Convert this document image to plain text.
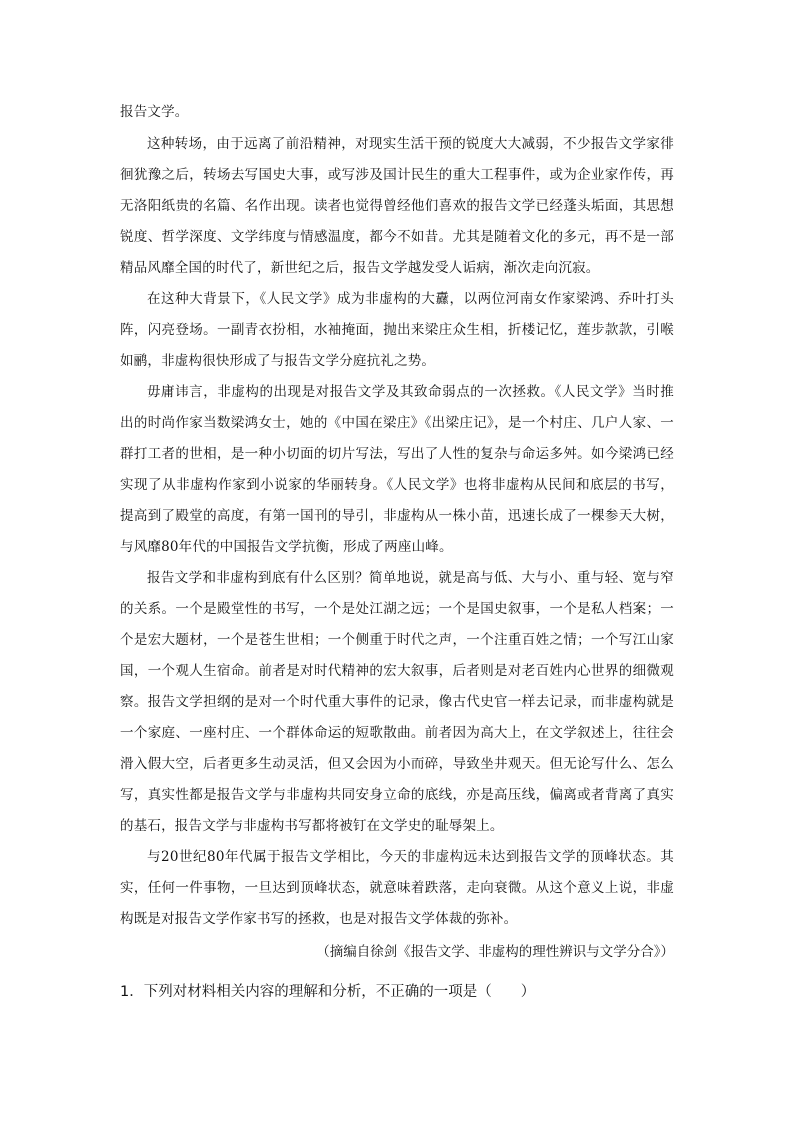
报告文学。

这种转场，由于远离了前沿精神，对现实生活干预的锐度大大减弱，不少报告文学家徘徊犹豫之后，转场去写国史大事，或写涉及国计民生的重大工程事件，或为企业家作传，再无洛阳纸贵的名篇、名作出现。读者也觉得曾经他们喜欢的报告文学已经蓬头垢面，其思想锐度、哲学深度、文学纬度与情感温度，都今不如昔。尤其是随着文化的多元，再不是一部精品风靡全国的时代了，新世纪之后，报告文学越发受人诟病，渐次走向沉寂。

在这种大背景下，《人民文学》成为非虚构的大纛，以两位河南女作家梁鸿、乔叶打头阵，闪亮登场。一副青衣扮相，水袖掩面，抛出来梁庄众生相，折楼记忆，莲步款款，引喉如鹂，非虚构很快形成了与报告文学分庭抗礼之势。

毋庸讳言，非虚构的出现是对报告文学及其致命弱点的一次拯救。《人民文学》当时推出的时尚作家当数梁鸿女士，她的《中国在梁庄》《出梁庄记》，是一个村庄、几户人家、一群打工者的世相，是一种小切面的切片写法，写出了人性的复杂与命运多舛。如今梁鸿已经实现了从非虚构作家到小说家的华丽转身。《人民文学》也将非虚构从民间和底层的书写，提高到了殿堂的高度，有第一国刊的导引，非虚构从一株小苗，迅速长成了一棵参天大树，与风靡80年代的中国报告文学抗衡，形成了两座山峰。

报告文学和非虚构到底有什么区别？简单地说，就是高与低、大与小、重与轻、宽与窄的关系。一个是殿堂性的书写，一个是处江湖之远；一个是国史叙事，一个是私人档案；一个是宏大题材，一个是苍生世相；一个侧重于时代之声，一个注重百姓之情；一个写江山家国，一个观人生宿命。前者是对时代精神的宏大叙事，后者则是对老百姓内心世界的细微观察。报告文学担纲的是对一个时代重大事件的记录，像古代史官一样去记录，而非虚构就是一个家庭、一座村庄、一个群体命运的短歌散曲。前者因为高大上，在文学叙述上，往往会滑入假大空，后者更多生动灵活，但又会因为小而碎，导致坐井观天。但无论写什么、怎么写，真实性都是报告文学与非虚构共同安身立命的底线，亦是高压线，偏离或者背离了真实的基石，报告文学与非虚构书写都将被钉在文学史的耻辱架上。

与20世纪80年代属于报告文学相比，今天的非虚构远未达到报告文学的顶峰状态。其实，任何一件事物，一旦达到顶峰状态，就意味着跌落，走向衰微。从这个意义上说，非虚构既是对报告文学作家书写的拯救，也是对报告文学体裁的弥补。

（摘编自徐剑《报告文学、非虚构的理性辨识与文学分合》）

1．下列对材料相关内容的理解和分析，不正确的一项是（　　）
